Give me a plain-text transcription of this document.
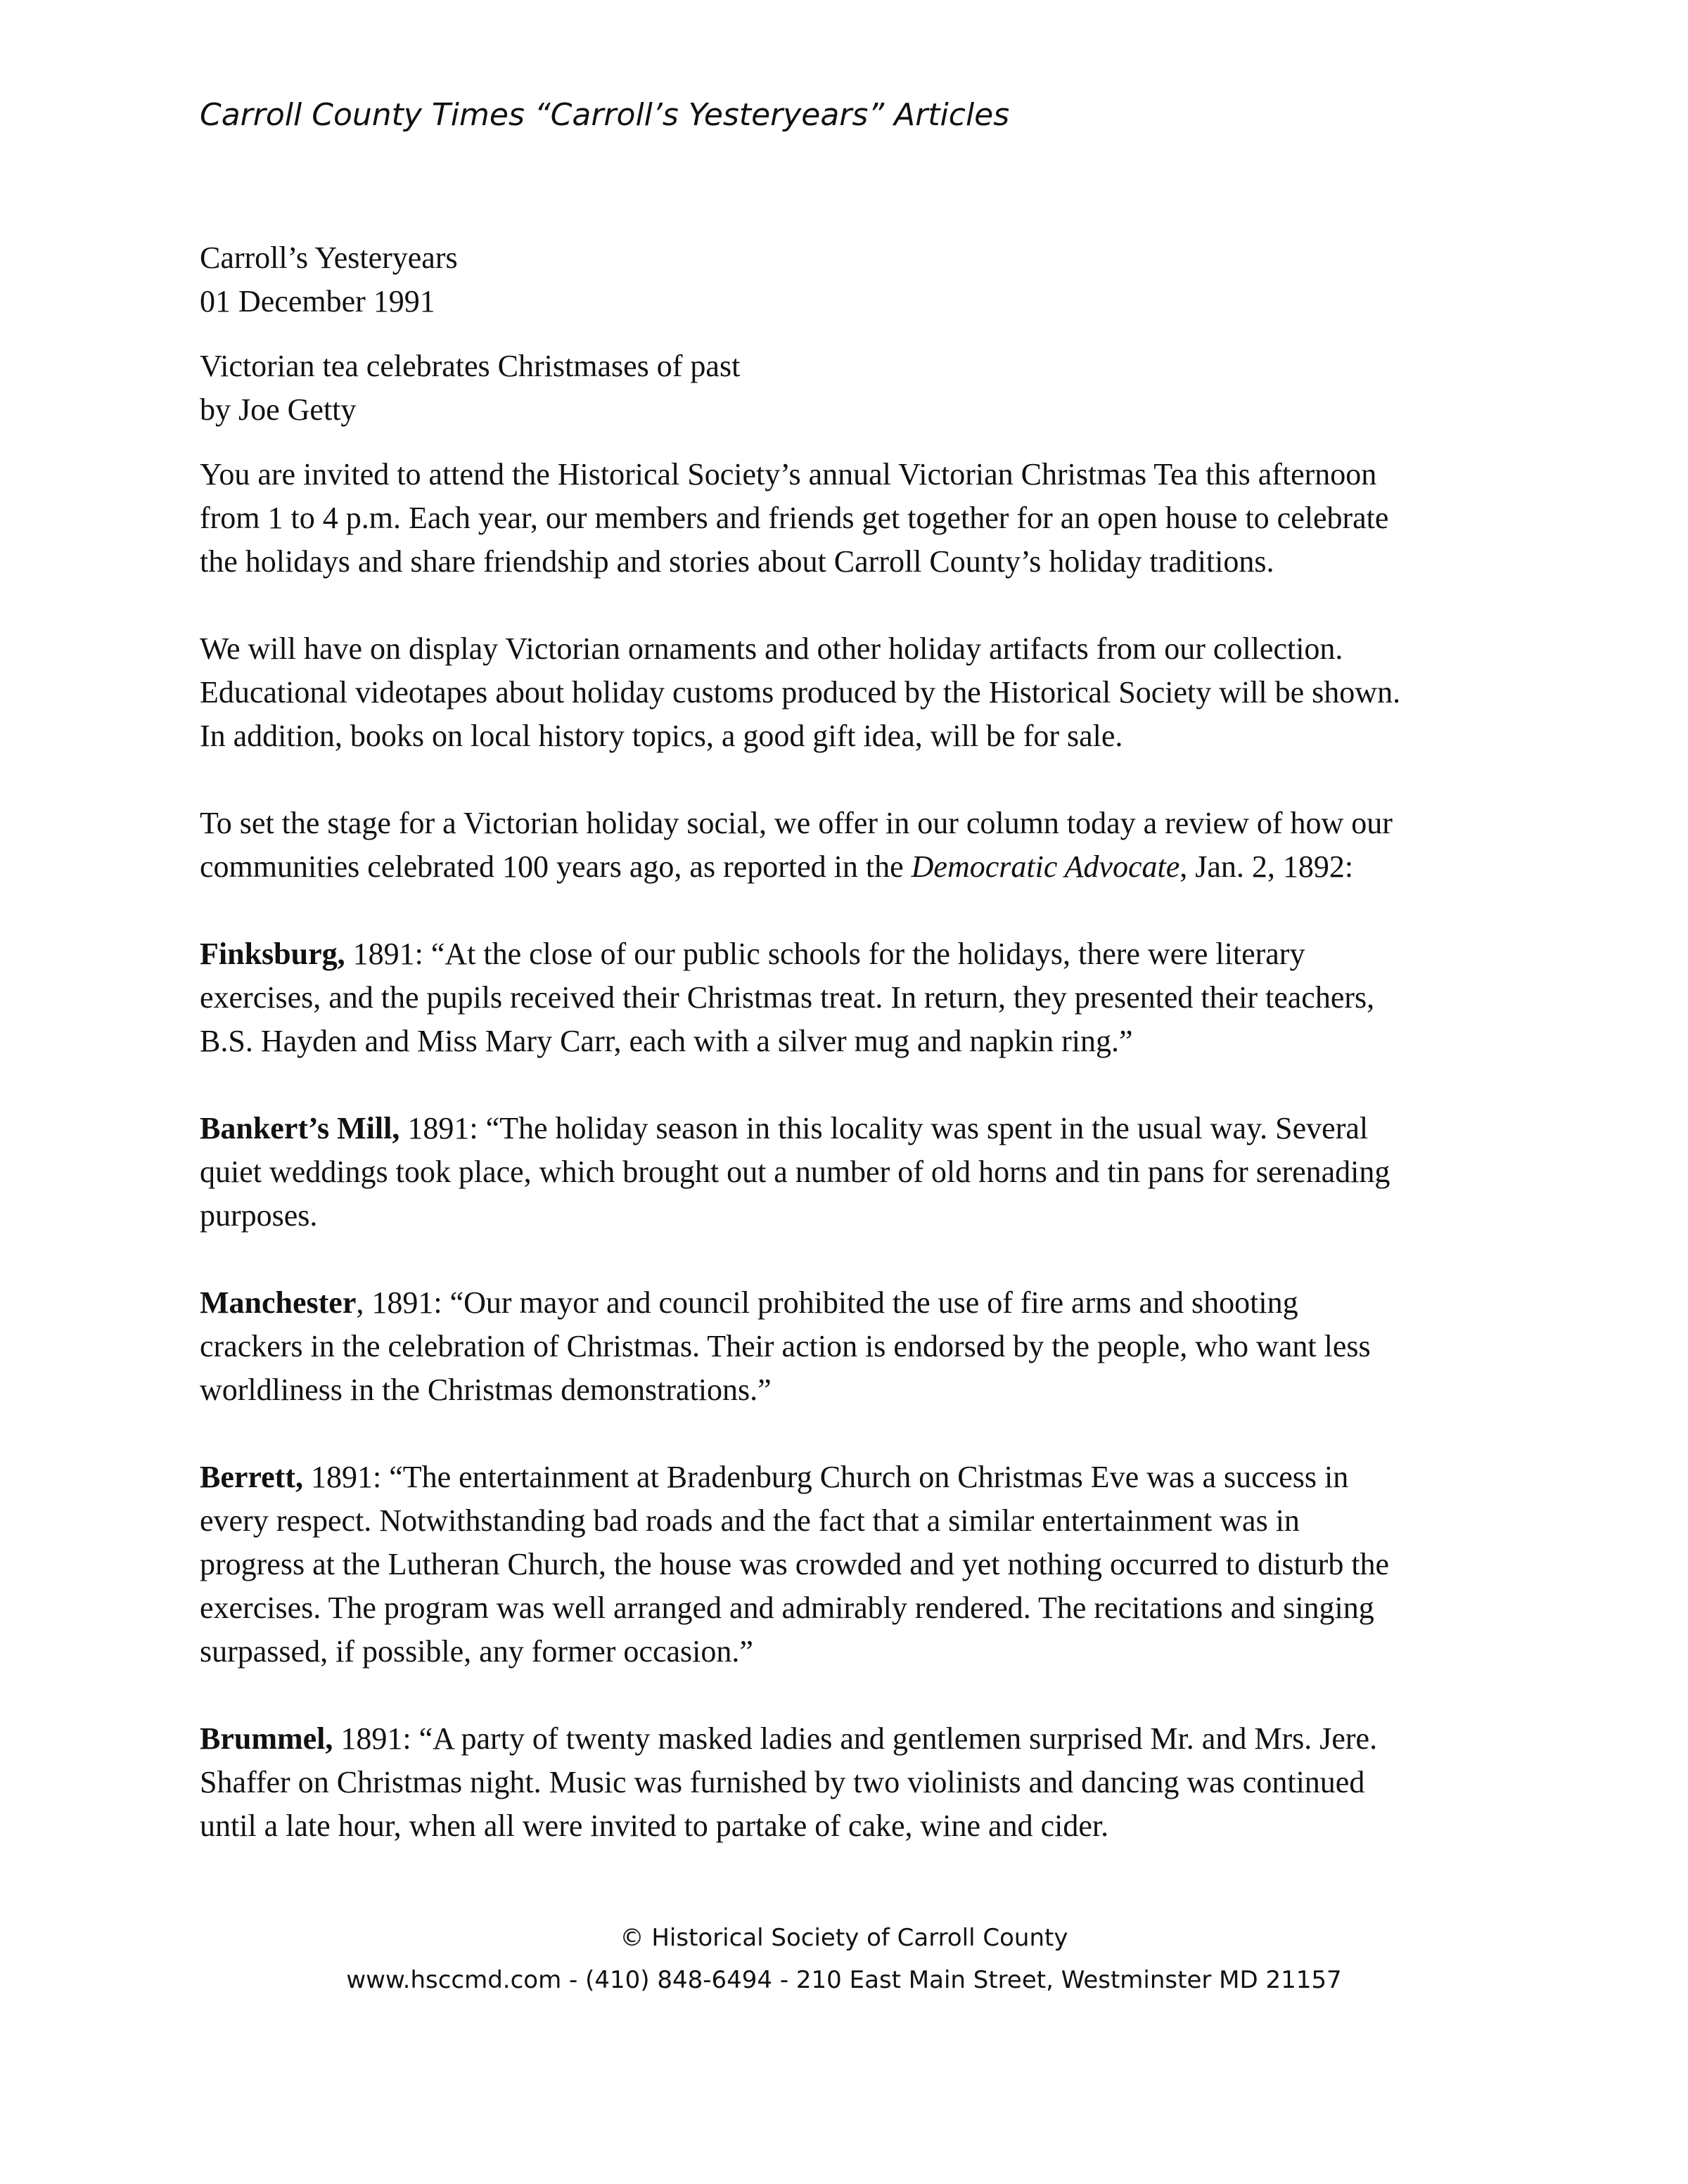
Carroll County Times “Carroll’s Yesteryears” Articles
Carroll’s Yesteryears
01 December 1991
Victorian tea celebrates Christmases of past
by Joe Getty
You are invited to attend the Historical Society’s annual Victorian Christmas Tea this afternoon
from 1 to 4 p.m. Each year, our members and friends get together for an open house to celebrate
the holidays and share friendship and stories about Carroll County’s holiday traditions.
We will have on display Victorian ornaments and other holiday artifacts from our collection.
Educational videotapes about holiday customs produced by the Historical Society will be shown.
In addition, books on local history topics, a good gift idea, will be for sale.
To set the stage for a Victorian holiday social, we offer in our column today a review of how our
communities celebrated 100 years ago, as reported in the Democratic Advocate, Jan. 2, 1892:
Finksburg, 1891: “At the close of our public schools for the holidays, there were literary
exercises, and the pupils received their Christmas treat. In return, they presented their teachers,
B.S. Hayden and Miss Mary Carr, each with a silver mug and napkin ring.”
Bankert’s Mill, 1891: “The holiday season in this locality was spent in the usual way. Several
quiet weddings took place, which brought out a number of old horns and tin pans for serenading
purposes.
Manchester, 1891: “Our mayor and council prohibited the use of fire arms and shooting
crackers in the celebration of Christmas. Their action is endorsed by the people, who want less
worldliness in the Christmas demonstrations.”
Berrett, 1891: “The entertainment at Bradenburg Church on Christmas Eve was a success in
every respect. Notwithstanding bad roads and the fact that a similar entertainment was in
progress at the Lutheran Church, the house was crowded and yet nothing occurred to disturb the
exercises. The program was well arranged and admirably rendered. The recitations and singing
surpassed, if possible, any former occasion.”
Brummel, 1891: “A party of twenty masked ladies and gentlemen surprised Mr. and Mrs. Jere.
Shaffer on Christmas night. Music was furnished by two violinists and dancing was continued
until a late hour, when all were invited to partake of cake, wine and cider.
© Historical Society of Carroll County
www.hsccmd.com - (410) 848-6494 - 210 East Main Street, Westminster MD 21157
